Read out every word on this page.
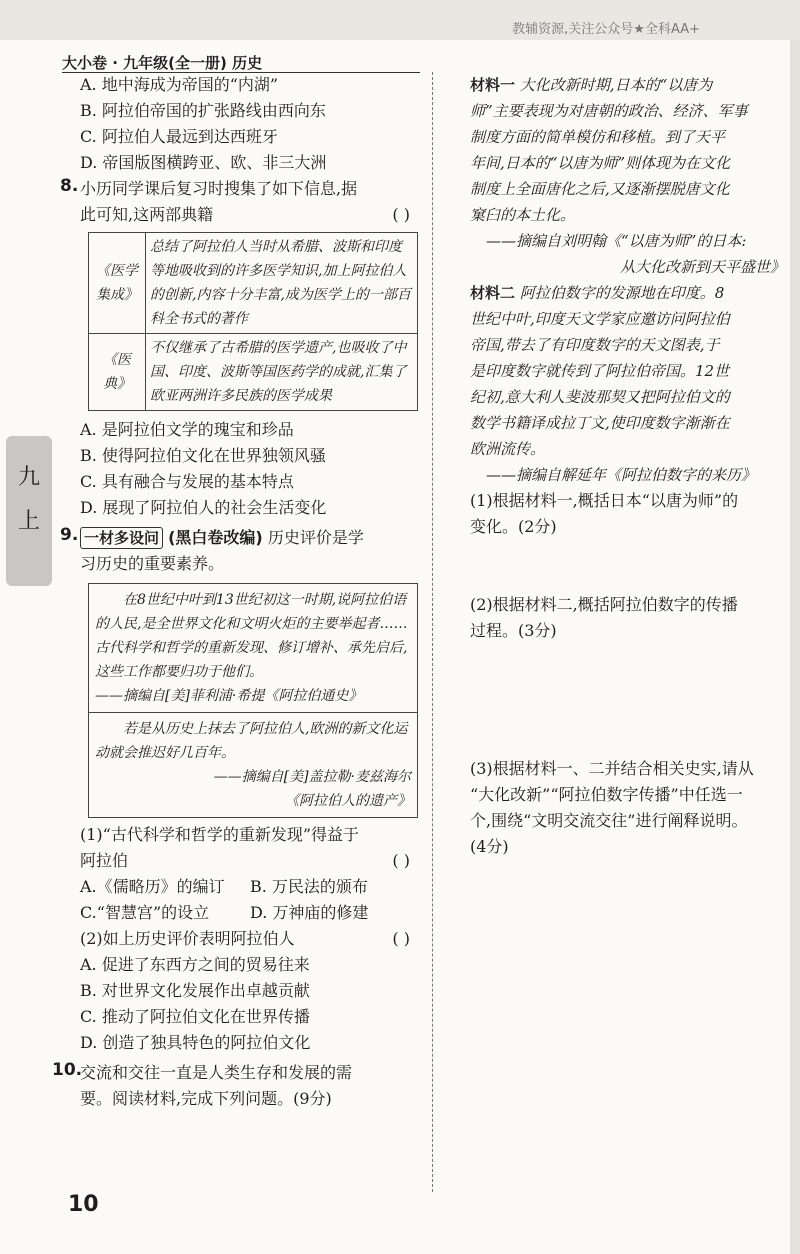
教辅资源,关注公众号★全科AA+
大小卷 · 九年级(全一册) 历史
九
上
A. 地中海成为帝国的“内湖”
B. 阿拉伯帝国的扩张路线由西向东
C. 阿拉伯人最远到达西班牙
D. 帝国版图横跨亚、欧、非三大洲
8. 小历同学课后复习时搜集了如下信息,据
此可知,这两部典籍	( )
《医学集成》	总结了阿拉伯人当时从希腊、波斯和印度等地吸收到的许多医学知识,加上阿拉伯人的创新,内容十分丰富,成为医学上的一部百科全书式的著作
《医典》	不仅继承了古希腊的医学遗产,也吸收了中国、印度、波斯等国医药学的成就,汇集了欧亚两洲许多民族的医学成果
A. 是阿拉伯文学的瑰宝和珍品
B. 使得阿拉伯文化在世界独领风骚
C. 具有融合与发展的基本特点
D. 展现了阿拉伯人的社会生活变化
9. 一材多设问 (黑白卷改编) 历史评价是学
习历史的重要素养。
在8世纪中叶到13世纪初这一时期,说阿拉伯语的人民,是全世界文化和文明火炬的主要举起者……古代科学和哲学的重新发现、修订增补、承先启后,这些工作都要归功于他们。
——摘编自[美]菲利浦·希提《阿拉伯通史》
若是从历史上抹去了阿拉伯人,欧洲的新文化运动就会推迟好几百年。
——摘编自[美]盖拉勒·麦兹海尔
《阿拉伯人的遗产》
(1)“古代科学和哲学的重新发现”得益于
阿拉伯	( )
A.《儒略历》的编订	B. 万民法的颁布
C.“智慧宫”的设立	D. 万神庙的修建
(2)如上历史评价表明阿拉伯人	( )
A. 促进了东西方之间的贸易往来
B. 对世界文化发展作出卓越贡献
C. 推动了阿拉伯文化在世界传播
D. 创造了独具特色的阿拉伯文化
10.
交流和交往一直是人类生存和发展的需
要。阅读材料,完成下列问题。(9分)
材料一 大化改新时期,日本的“以唐为
师”主要表现为对唐朝的政治、经济、军事
制度方面的简单模仿和移植。到了天平
年间,日本的“以唐为师”则体现为在文化
制度上全面唐化之后,又逐渐摆脱唐文化
窠臼的本土化。
——摘编自刘明翰《“以唐为师”的日本:
从大化改新到天平盛世》
材料二 阿拉伯数字的发源地在印度。8
世纪中叶,印度天文学家应邀访问阿拉伯
帝国,带去了有印度数字的天文图表,于
是印度数字就传到了阿拉伯帝国。12世
纪初,意大利人斐波那契又把阿拉伯文的
数学书籍译成拉丁文,使印度数字渐渐在
欧洲流传。
——摘编自解延年《阿拉伯数字的来历》
(1)根据材料一,概括日本“以唐为师”的
变化。(2分)
(2)根据材料二,概括阿拉伯数字的传播
过程。(3分)
(3)根据材料一、二并结合相关史实,请从
“大化改新”“阿拉伯数字传播”中任选一
个,围绕“文明交流交往”进行阐释说明。
(4分)
10
